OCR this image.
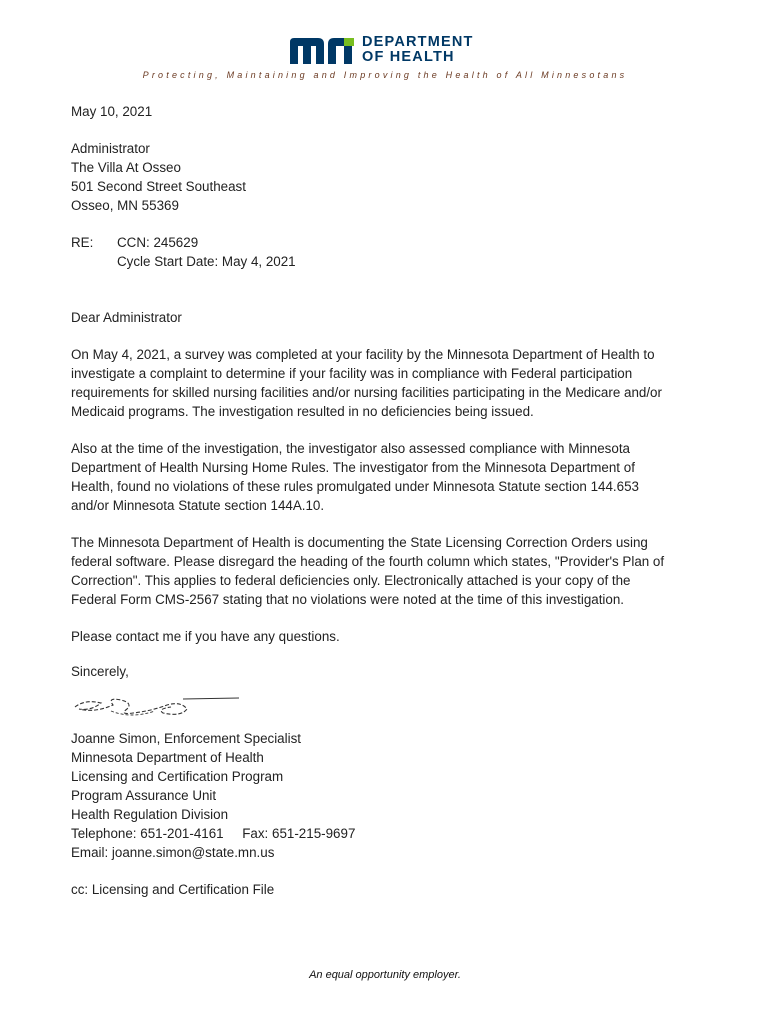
DEPARTMENT
OF HEALTH
Protecting, Maintaining and Improving the Health of All Minnesotans

May 10, 2021

Administrator

The Villa At Osseo

501 Second Street Southeast

Osseo, MN 55369

RE:	CCN: 245629
Cycle Start Date: May 4, 2021

Dear Administrator

On May 4, 2021, a survey was completed at your facility by the Minnesota Department of Health to

investigate a complaint to determine if your facility was in compliance with Federal participation

requirements for skilled nursing facilities and/or nursing facilities participating in the Medicare and/or

Medicaid programs. The investigation resulted in no deficiencies being issued.

Also at the time of the investigation, the investigator also assessed compliance with Minnesota

Department of Health Nursing Home Rules. The investigator from the Minnesota Department of

Health, found no violations of these rules promulgated under Minnesota Statute section 144.653

and/or Minnesota Statute section 144A.10.

The Minnesota Department of Health is documenting the State Licensing Correction Orders using

federal software. Please disregard the heading of the fourth column which states, "Provider's Plan of

Correction". This applies to federal deficiencies only. Electronically attached is your copy of the

Federal Form CMS-2567 stating that no violations were noted at the time of this investigation.

Please contact me if you have any questions.

Sincerely,

Joanne Simon, Enforcement Specialist

Minnesota Department of Health

Licensing and Certification Program

Program Assurance Unit

Health Regulation Division

Telephone: 651-201-4161     Fax: 651-215-9697

Email: joanne.simon@state.mn.us

cc: Licensing and Certification File

An equal opportunity employer.
